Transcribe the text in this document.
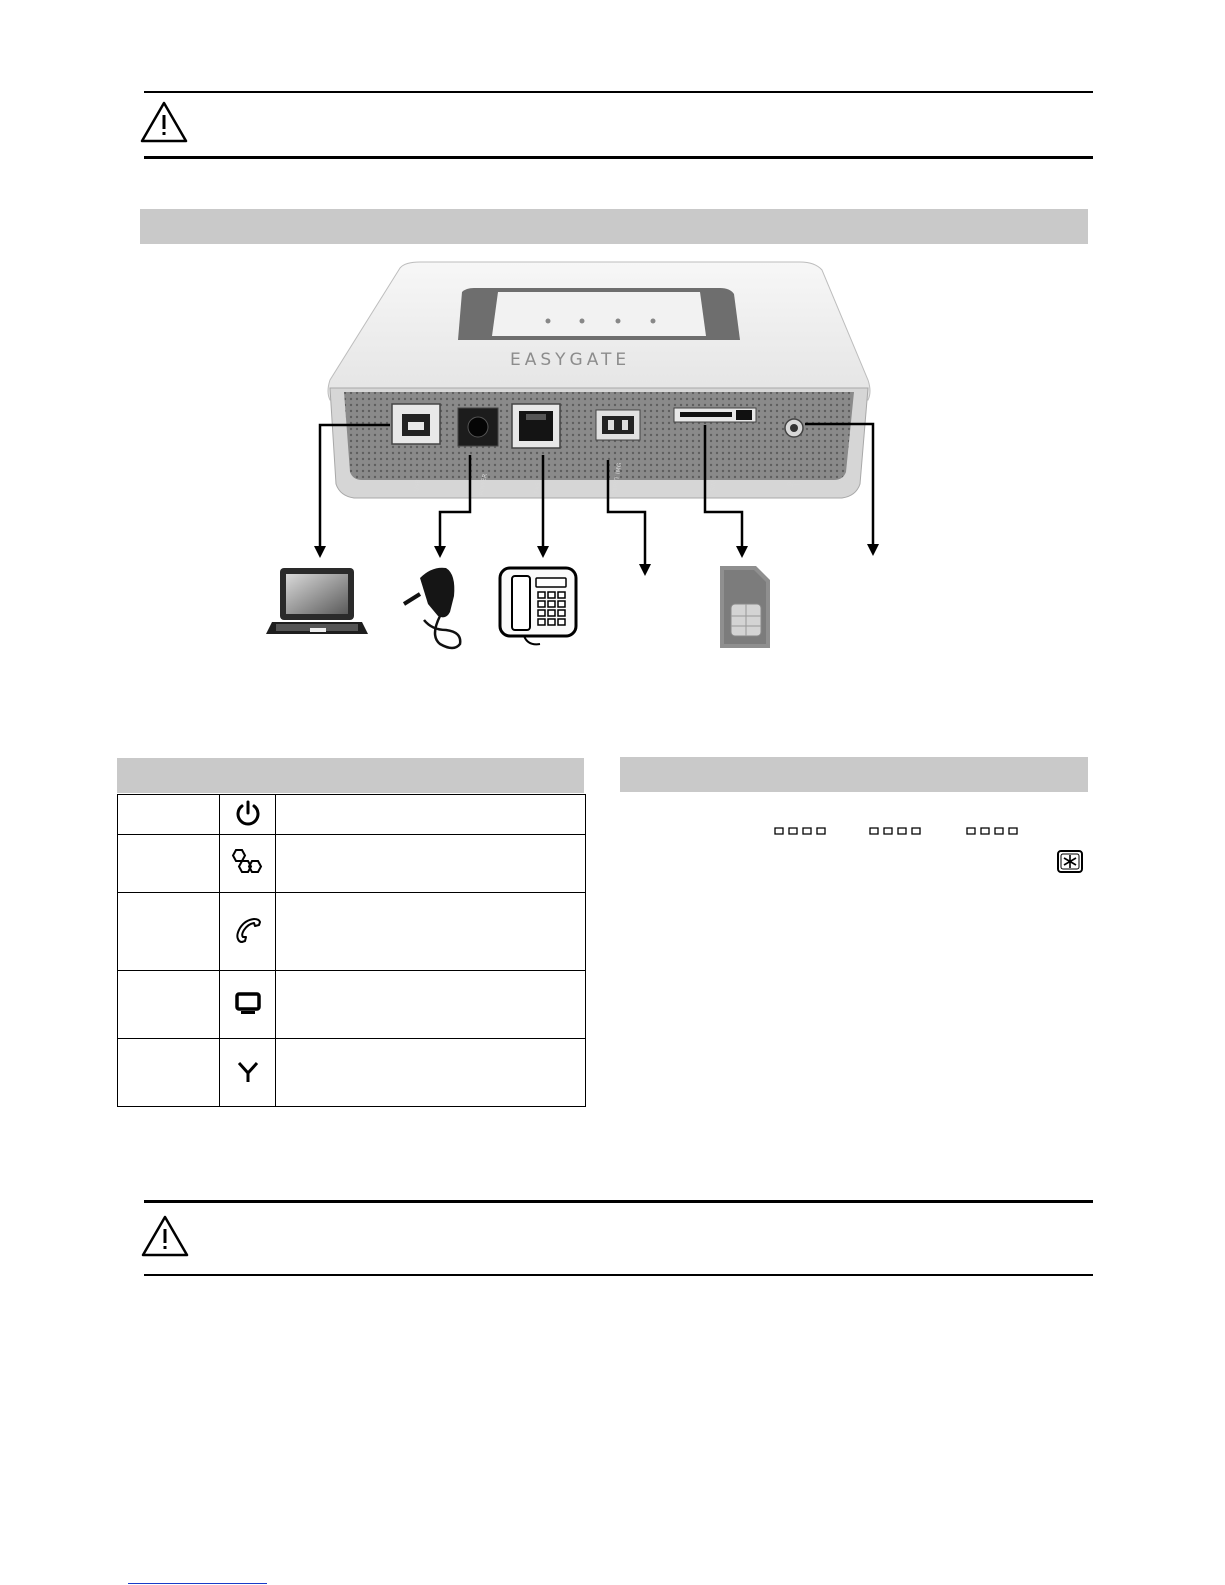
EASYGATE
USB	POWER	FXS	INPUT IMG	SIM	⊘/—
